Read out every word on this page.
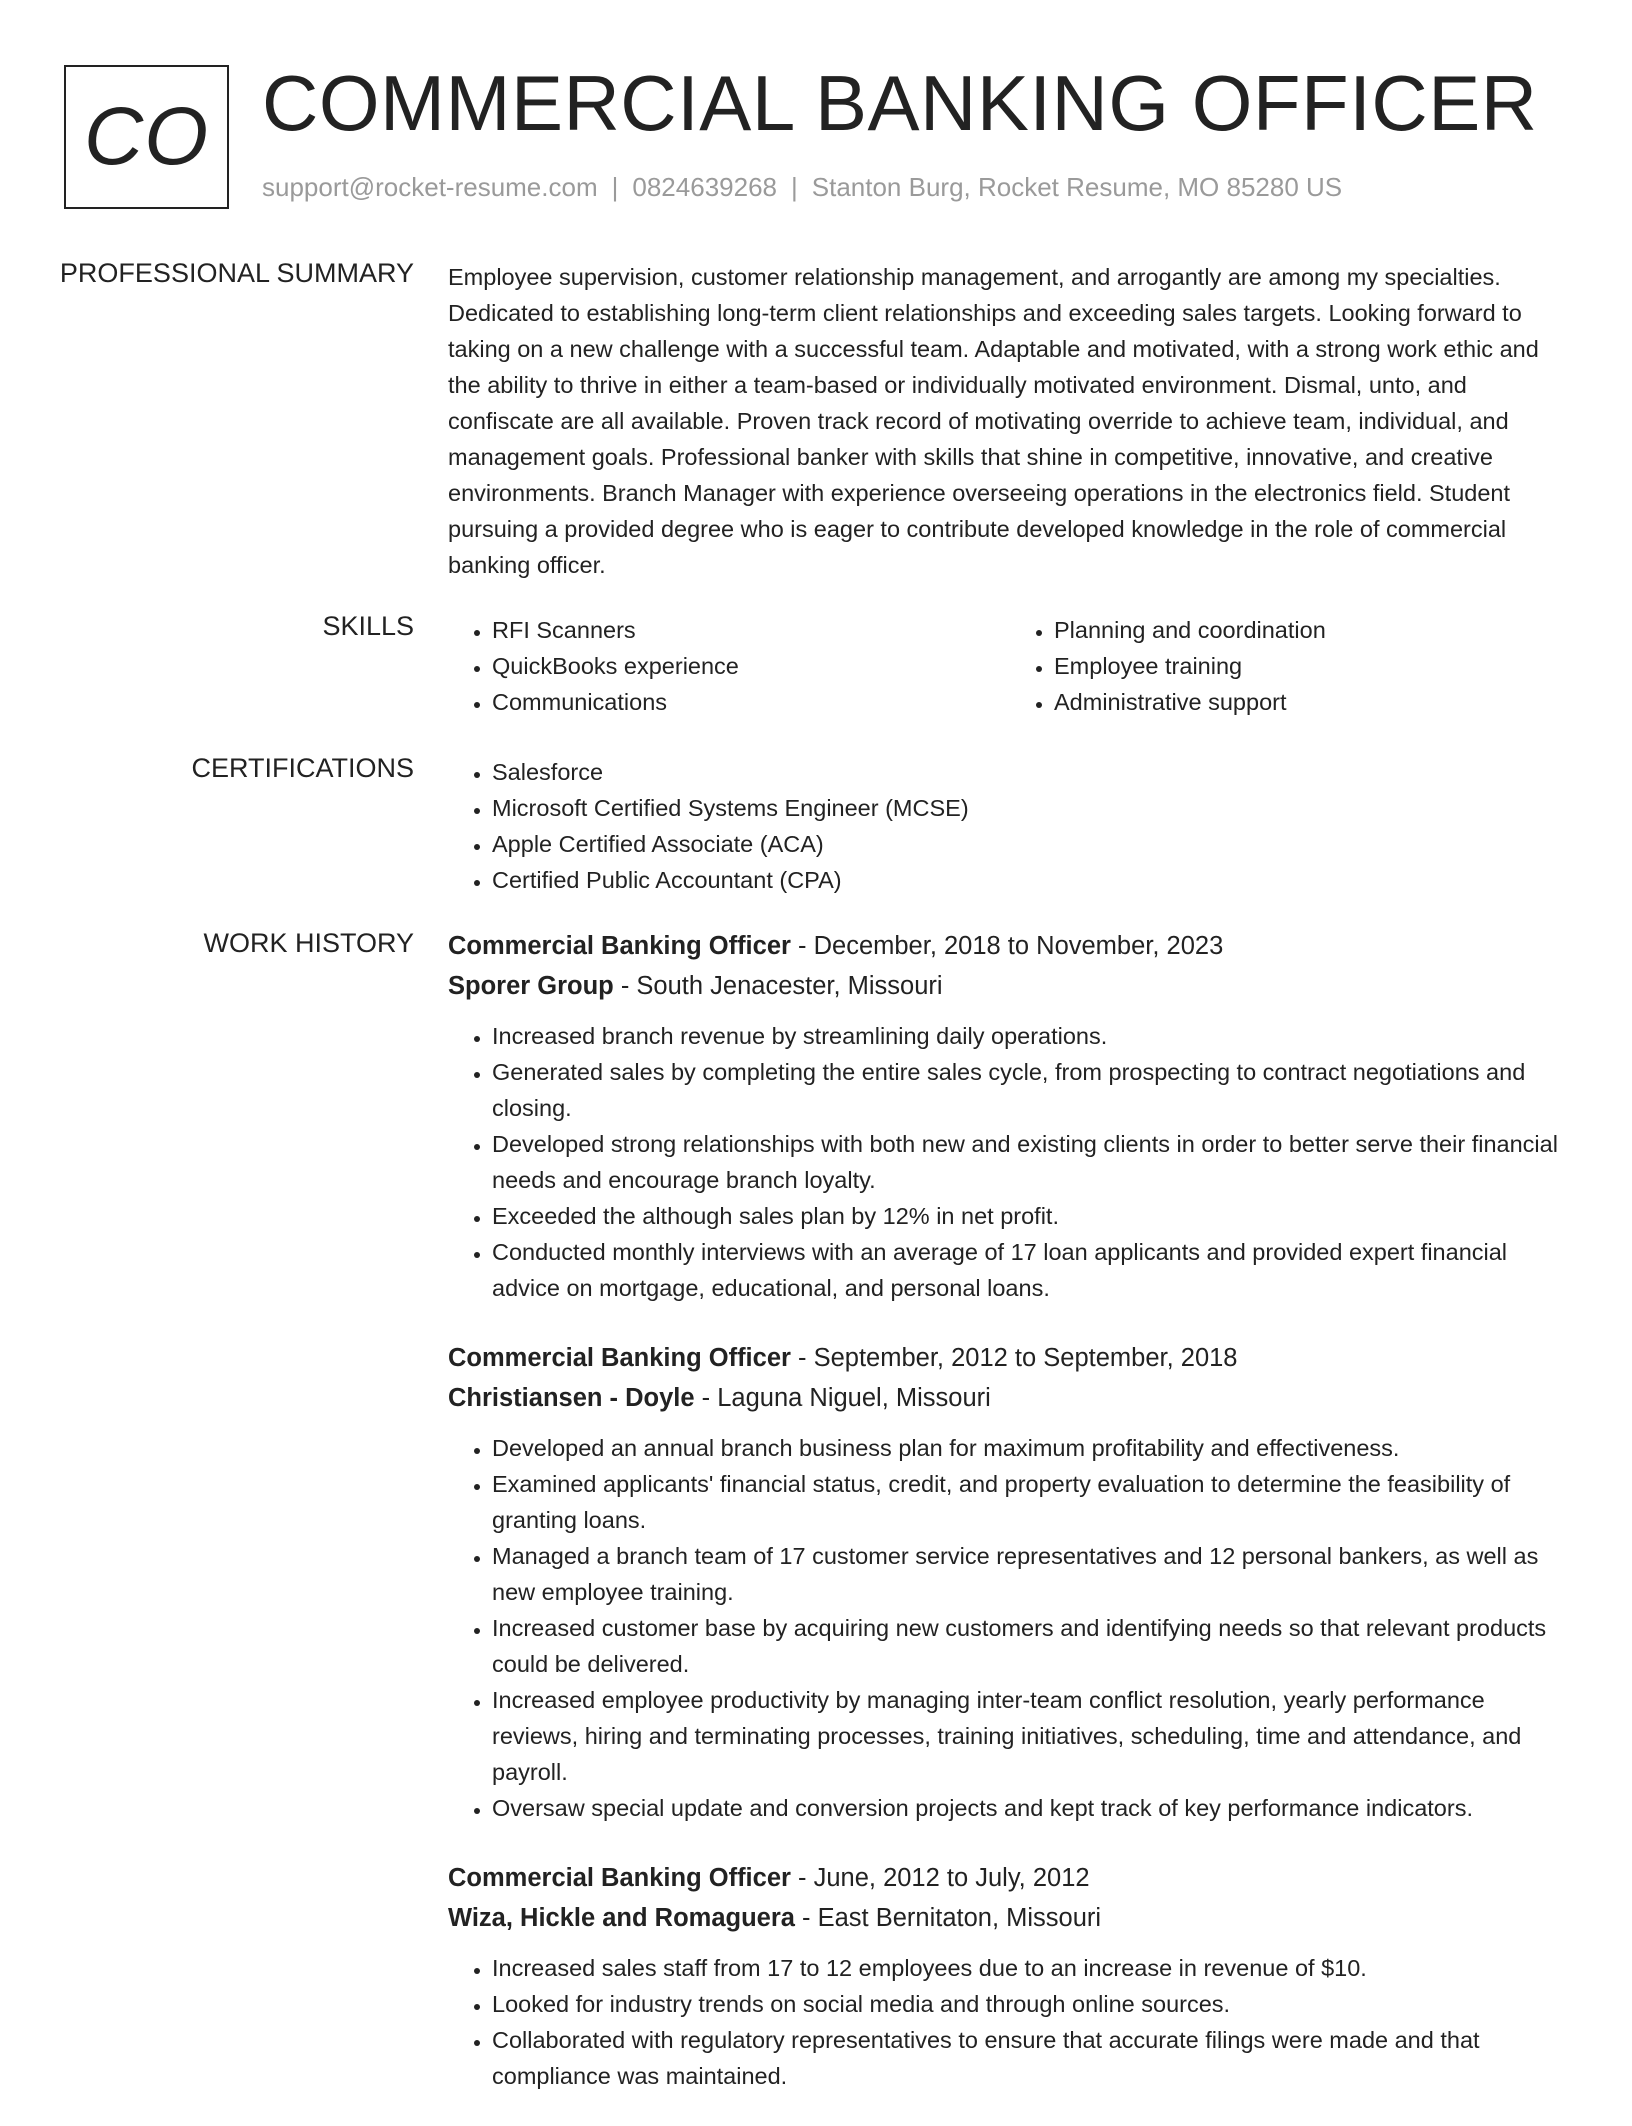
CO COMMERCIAL BANKING OFFICER
support@rocket-resume.com | 0824639268 | Stanton Burg, Rocket Resume, MO 85280 US
PROFESSIONAL SUMMARY Employee supervision, customer relationship management, and arrogantly are among my specialties. Dedicated to establishing long-term client relationships and exceeding sales targets. Looking forward to taking on a new challenge with a successful team. Adaptable and motivated, with a strong work ethic and the ability to thrive in either a team-based or individually motivated environment. Dismal, unto, and confiscate are all available. Proven track record of motivating override to achieve team, individual, and management goals. Professional banker with skills that shine in competitive, innovative, and creative environments. Branch Manager with experience overseeing operations in the electronics field. Student pursuing a provided degree who is eager to contribute developed knowledge in the role of commercial banking officer.
SKILLS	• RFI Scanners
• QuickBooks experience
• Communications
• Planning and coordination
• Employee training
• Administrative support
CERTIFICATIONS	• Salesforce
• Microsoft Certified Systems Engineer (MCSE)
• Apple Certified Associate (ACA)
• Certified Public Accountant (CPA)
WORK HISTORY Commercial Banking Officer - December, 2018 to November, 2023
Sporer Group - South Jenacester, Missouri
• Increased branch revenue by streamlining daily operations.
• Generated sales by completing the entire sales cycle, from prospecting to contract negotiations and closing.
• Developed strong relationships with both new and existing clients in order to better serve their financial needs and encourage branch loyalty.
• Exceeded the although sales plan by 12% in net profit.
• Conducted monthly interviews with an average of 17 loan applicants and provided expert financial advice on mortgage, educational, and personal loans.
Commercial Banking Officer - September, 2012 to September, 2018
Christiansen - Doyle - Laguna Niguel, Missouri
• Developed an annual branch business plan for maximum profitability and effectiveness.
• Examined applicants' financial status, credit, and property evaluation to determine the feasibility of granting loans.
• Managed a branch team of 17 customer service representatives and 12 personal bankers, as well as new employee training.
• Increased customer base by acquiring new customers and identifying needs so that relevant products could be delivered.
• Increased employee productivity by managing inter-team conflict resolution, yearly performance reviews, hiring and terminating processes, training initiatives, scheduling, time and attendance, and payroll.
• Oversaw special update and conversion projects and kept track of key performance indicators.
Commercial Banking Officer - June, 2012 to July, 2012
Wiza, Hickle and Romaguera - East Bernitaton, Missouri
• Increased sales staff from 17 to 12 employees due to an increase in revenue of $10.
• Looked for industry trends on social media and through online sources.
• Collaborated with regulatory representatives to ensure that accurate filings were made and that compliance was maintained.
